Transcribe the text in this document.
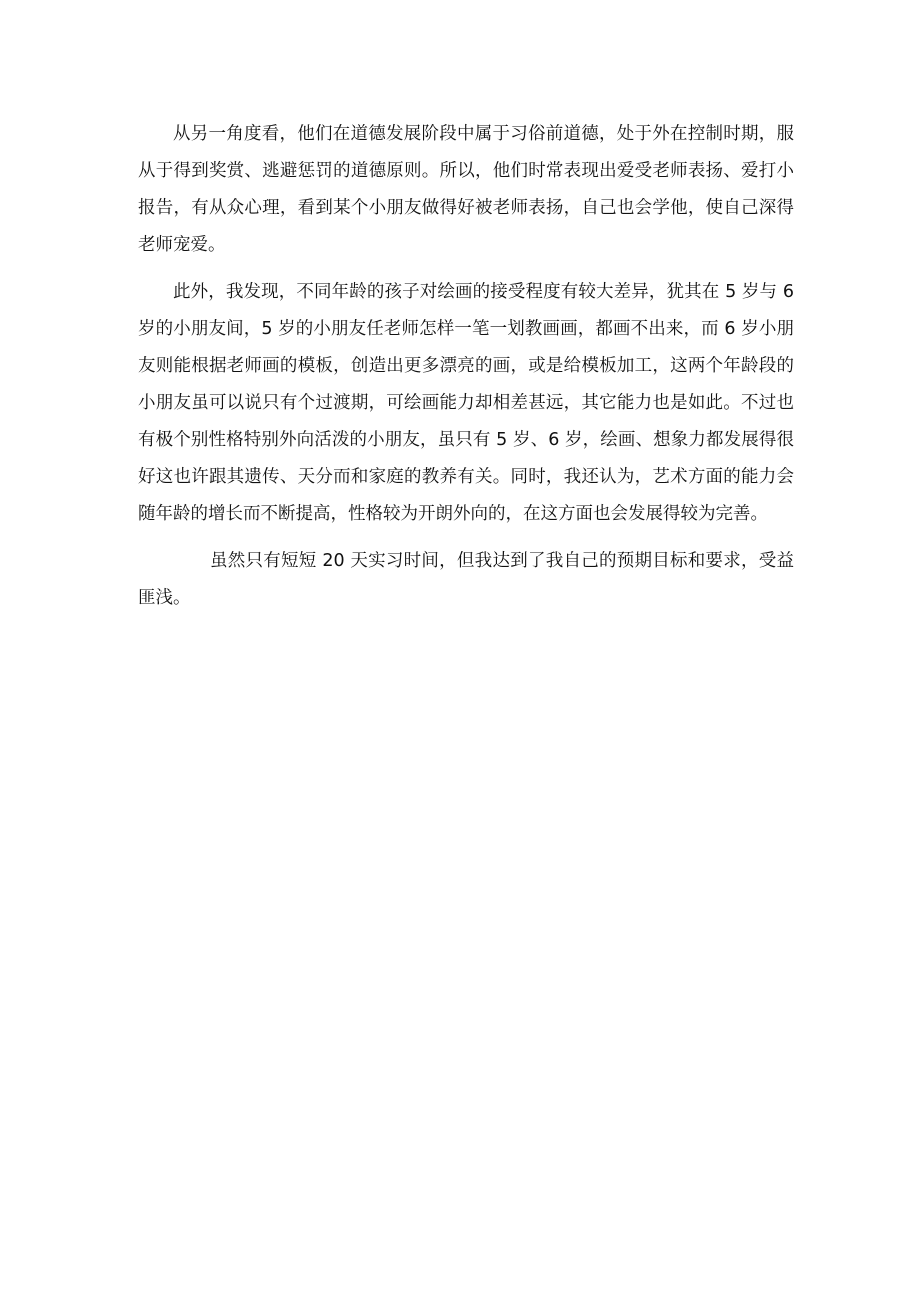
从另一角度看，他们在道德发展阶段中属于习俗前道德，处于外在控制时期，服从于得到奖赏、逃避惩罚的道德原则。所以，他们时常表现出爱受老师表扬、爱打小报告，有从众心理，看到某个小朋友做得好被老师表扬，自己也会学他，使自己深得老师宠爱。

此外，我发现，不同年龄的孩子对绘画的接受程度有较大差异，犹其在 5 岁与 6 岁的小朋友间，5 岁的小朋友任老师怎样一笔一划教画画，都画不出来，而 6 岁小朋友则能根据老师画的模板，创造出更多漂亮的画，或是给模板加工，这两个年龄段的小朋友虽可以说只有个过渡期，可绘画能力却相差甚远，其它能力也是如此。不过也有极个别性格特别外向活泼的小朋友，虽只有 5 岁、6 岁，绘画、想象力都发展得很好这也许跟其遗传、天分而和家庭的教养有关。同时，我还认为，艺术方面的能力会随年龄的增长而不断提高，性格较为开朗外向的，在这方面也会发展得较为完善。

虽然只有短短 20 天实习时间，但我达到了我自己的预期目标和要求，受益匪浅。
